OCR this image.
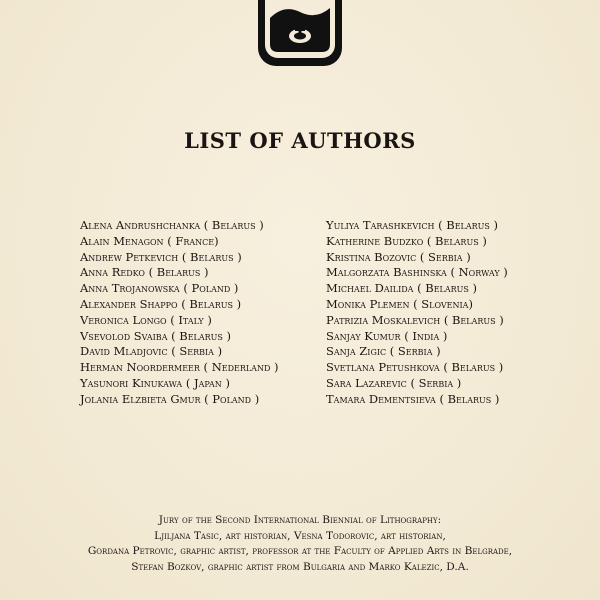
LIST OF AUTHORS
Alena Andrushchanka ( Belarus )
Alain Menagon ( France)
Andrew Petkevich ( Belarus )
Anna Redko ( Belarus )
Anna Trojanowska ( Poland )
Alexander Shappo ( Belarus )
Veronica Longo ( Italy )
Vsevolod Svaiba ( Belarus )
David Mladjovic ( Serbia )
Herman Noordermeer ( Nederland )
Yasunori Kinukawa ( Japan )
Jolania Elzbieta Gmur ( Poland )
Yuliya Tarashkevich ( Belarus )
Katherine Budzko ( Belarus )
Kristina Bozovic ( Serbia )
Malgorzata Bashinska ( Norway )
Michael Dailida ( Belarus )
Monika Plemen ( Slovenia)
Patrizia Moskalevich ( Belarus )
Sanjay Kumur ( India )
Sanja Zigic ( Serbia )
Svetlana Petushkova ( Belarus )
Sara Lazarevic ( Serbia )
Tamara Dementsieva ( Belarus )
Jury of the Second International Biennial of Lithography:
Ljiljana Tasic, art historian, Vesna Todorovic, art historian,
Gordana Petrovic, graphic artist, professor at the Faculty of Applied Arts in Belgrade,
Stefan Bozkov, graphic artist from Bulgaria and Marko Kalezic, D.A.
